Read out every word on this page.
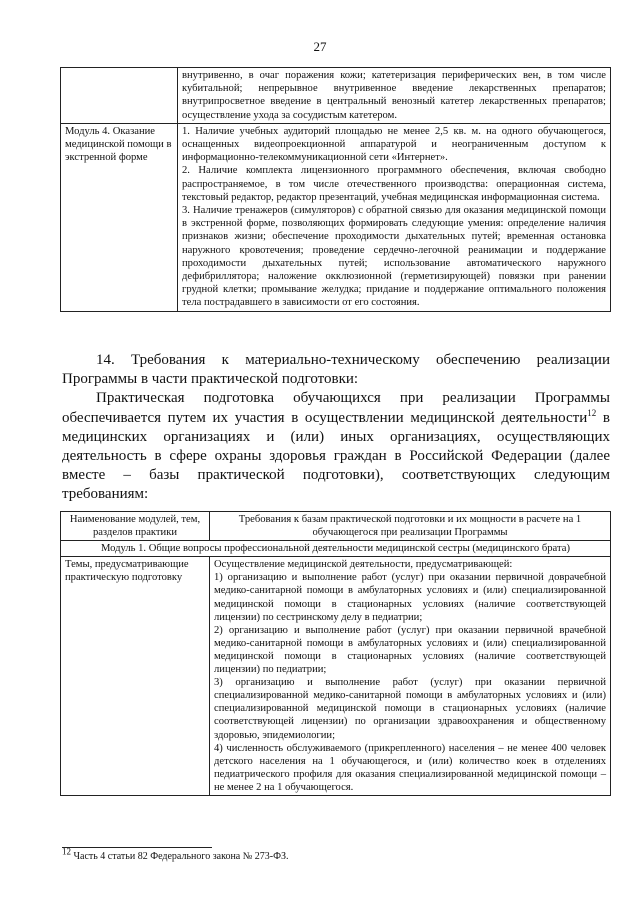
27
	внутривенно, в очаг поражения кожи; катетеризация периферических вен, в том числе кубитальной; непрерывное внутривенное введение лекарственных препаратов; внутрипросветное введение в центральный венозный катетер лекарственных препаратов; осуществление ухода за сосудистым катетером.
Модуль 4. Оказание медицинской помощи в экстренной форме	1. Наличие учебных аудиторий площадью не менее 2,5 кв. м. на одного обучающегося, оснащенных видеопроекционной аппаратурой и неограниченным доступом к информационно-телекоммуникационной сети «Интернет».

2. Наличие комплекта лицензионного программного обеспечения, включая свободно распространяемое, в том числе отечественного производства: операционная система, текстовый редактор, редактор презентаций, учебная медицинская информационная система.

3. Наличие тренажеров (симуляторов) с обратной связью для оказания медицинской помощи в экстренной форме, позволяющих формировать следующие умения: определение наличия признаков жизни; обеспечение проходимости дыхательных путей; временная остановка наружного кровотечения; проведение сердечно-легочной реанимации и поддержание проходимости дыхательных путей; использование автоматического наружного дефибриллятора; наложение окклюзионной (герметизирующей) повязки при ранении грудной клетки; промывание желудка; придание и поддержание оптимального положения тела пострадавшего в зависимости от его состояния.

14. Требования к материально-техническому обеспечению реализации Программы в части практической подготовки:

Практическая подготовка обучающихся при реализации Программы обеспечивается путем их участия в осуществлении медицинской деятельности$^{12}$ в медицинских организациях и (или) иных организациях, осуществляющих деятельность в сфере охраны здоровья граждан в Российской Федерации (далее вместе – базы практической подготовки), соответствующих следующим требованиям:

Наименование модулей, тем, разделов практики	Требования к базам практической подготовки и их мощности в расчете на 1 обучающегося при реализации Программы
Модуль 1. Общие вопросы профессиональной деятельности медицинской сестры (медицинского брата)	
Темы, предусматривающие практическую подготовку	Осуществление медицинской деятельности, предусматривающей:

1) организацию и выполнение работ (услуг) при оказании первичной доврачебной медико-санитарной помощи в амбулаторных условиях и (или) специализированной медицинской помощи в стационарных условиях (наличие соответствующей лицензии) по сестринскому делу в педиатрии;

2) организацию и выполнение работ (услуг) при оказании первичной врачебной медико-санитарной помощи в амбулаторных условиях и (или) специализированной медицинской помощи в стационарных условиях (наличие соответствующей лицензии) по педиатрии;

3) организацию и выполнение работ (услуг) при оказании первичной специализированной медико-санитарной помощи в амбулаторных условиях и (или) специализированной медицинской помощи в стационарных условиях (наличие соответствующей лицензии) по организации здравоохранения и общественному здоровью, эпидемиологии;

4) численность обслуживаемого (прикрепленного) населения – не менее 400 человек детского населения на 1 обучающегося, и (или) количество коек в отделениях педиатрического профиля для оказания специализированной медицинской помощи – не менее 2 на 1 обучающегося.

12 Часть 4 статьи 82 Федерального закона № 273-ФЗ.
